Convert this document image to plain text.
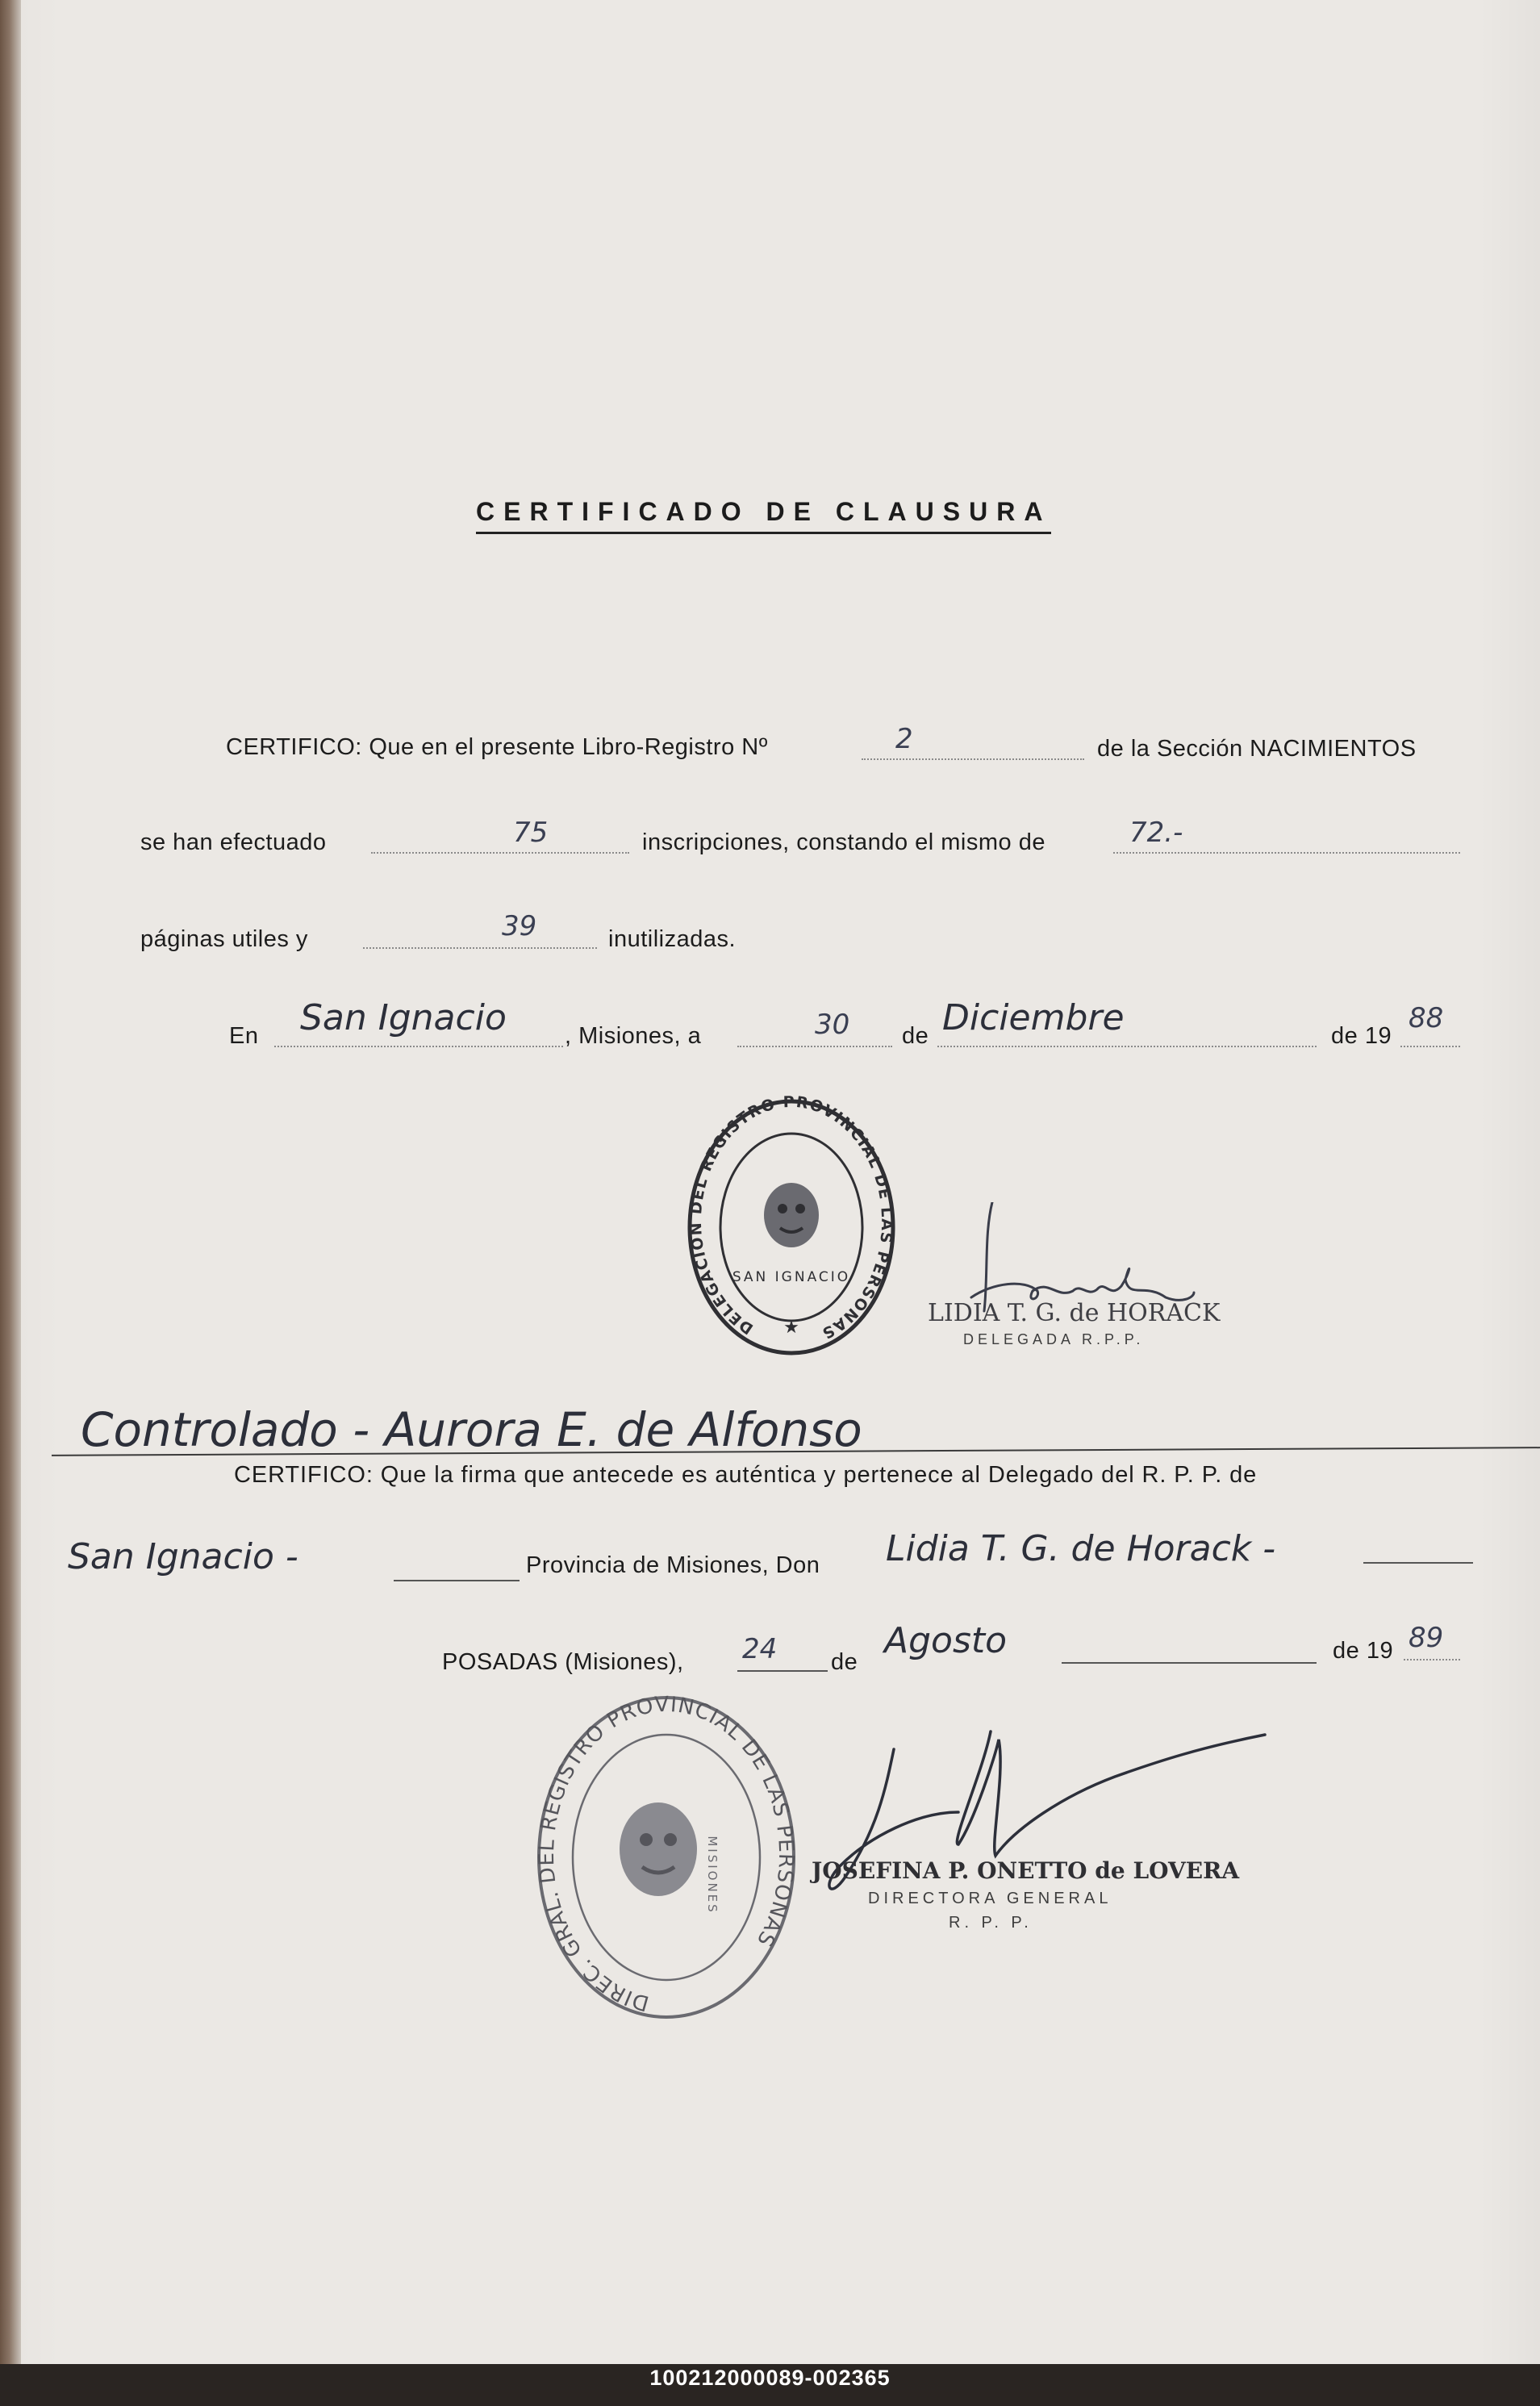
CERTIFICADO DE CLAUSURA
CERTIFICO: Que en el presente Libro-Registro Nº	2	de la Sección NACIMIENTOS
se han efectuado	75	inscripciones, constando el mismo de	72.-
páginas utiles y	39	inutilizadas.
En San Ignacio , Misiones, a	30 de Diciembre	de 19
88
DELEGACION DEL REGISTRO PROVINCIAL DE LAS PERSONAS
SAN IGNACIO
★	LIDIA T. G. de HORACK
DELEGADA R.P.P.
Controlado - Aurora E. de Alfonso
CERTIFICO: Que la firma que antecede es auténtica y pertenece al Delegado del R. P. P. de
San Ignacio -	Provincia de Misiones, Don Lidia T. G. de Horack -
POSADAS (Misiones), 24 de
Agosto	de 19 89
DIREC. GRAL. DEL REGISTRO PROVINCIAL DE LAS PERSONAS
MISIONES	JOSEFINA P. ONETTO de LOVERA
DIRECTORA GENERAL
R. P. P.
100212000089-002365
